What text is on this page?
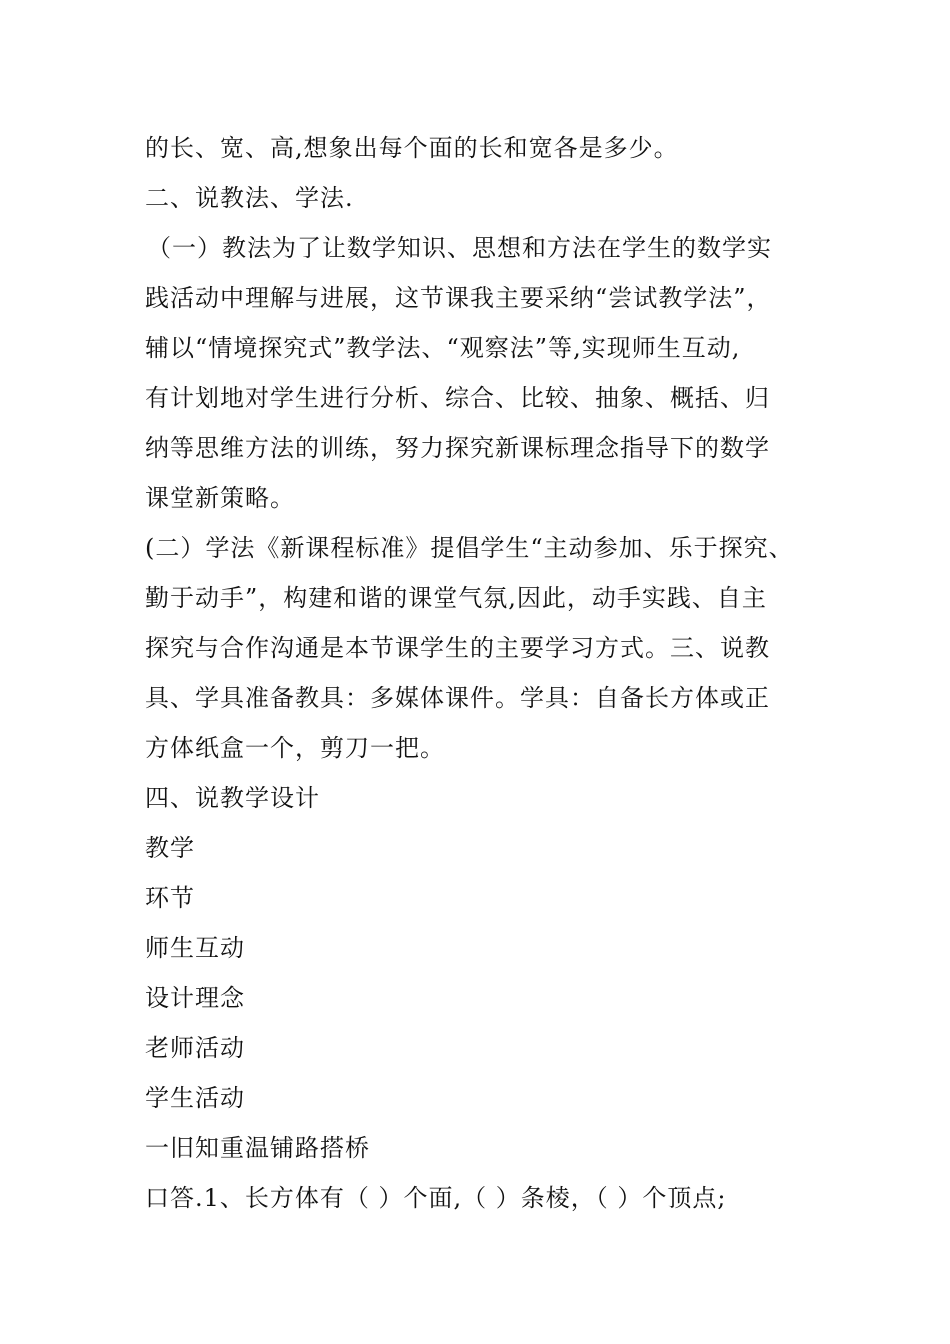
的长、宽、高,想象出每个面的长和宽各是多少。
二、说教法、学法.
（一）教法为了让数学知识、思想和方法在学生的数学实
践活动中理解与进展，这节课我主要采纳“尝试教学法”，
辅以“情境探究式”教学法、“观察法”等,实现师生互动,
有计划地对学生进行分析、综合、比较、抽象、概括、归
纳等思维方法的训练，努力探究新课标理念指导下的数学
课堂新策略。
(二）学法《新课程标准》提倡学生“主动参加、乐于探究、
勤于动手”，构建和谐的课堂气氛,因此，动手实践、自主
探究与合作沟通是本节课学生的主要学习方式。三、说教
具、学具准备教具：多媒体课件。学具：自备长方体或正
方体纸盒一个，剪刀一把。
四、说教学设计
教学
环节
师生互动
设计理念
老师活动
学生活动
一旧知重温铺路搭桥
口答.1、长方体有（ ）个面,（ ）条棱，（ ）个顶点;
